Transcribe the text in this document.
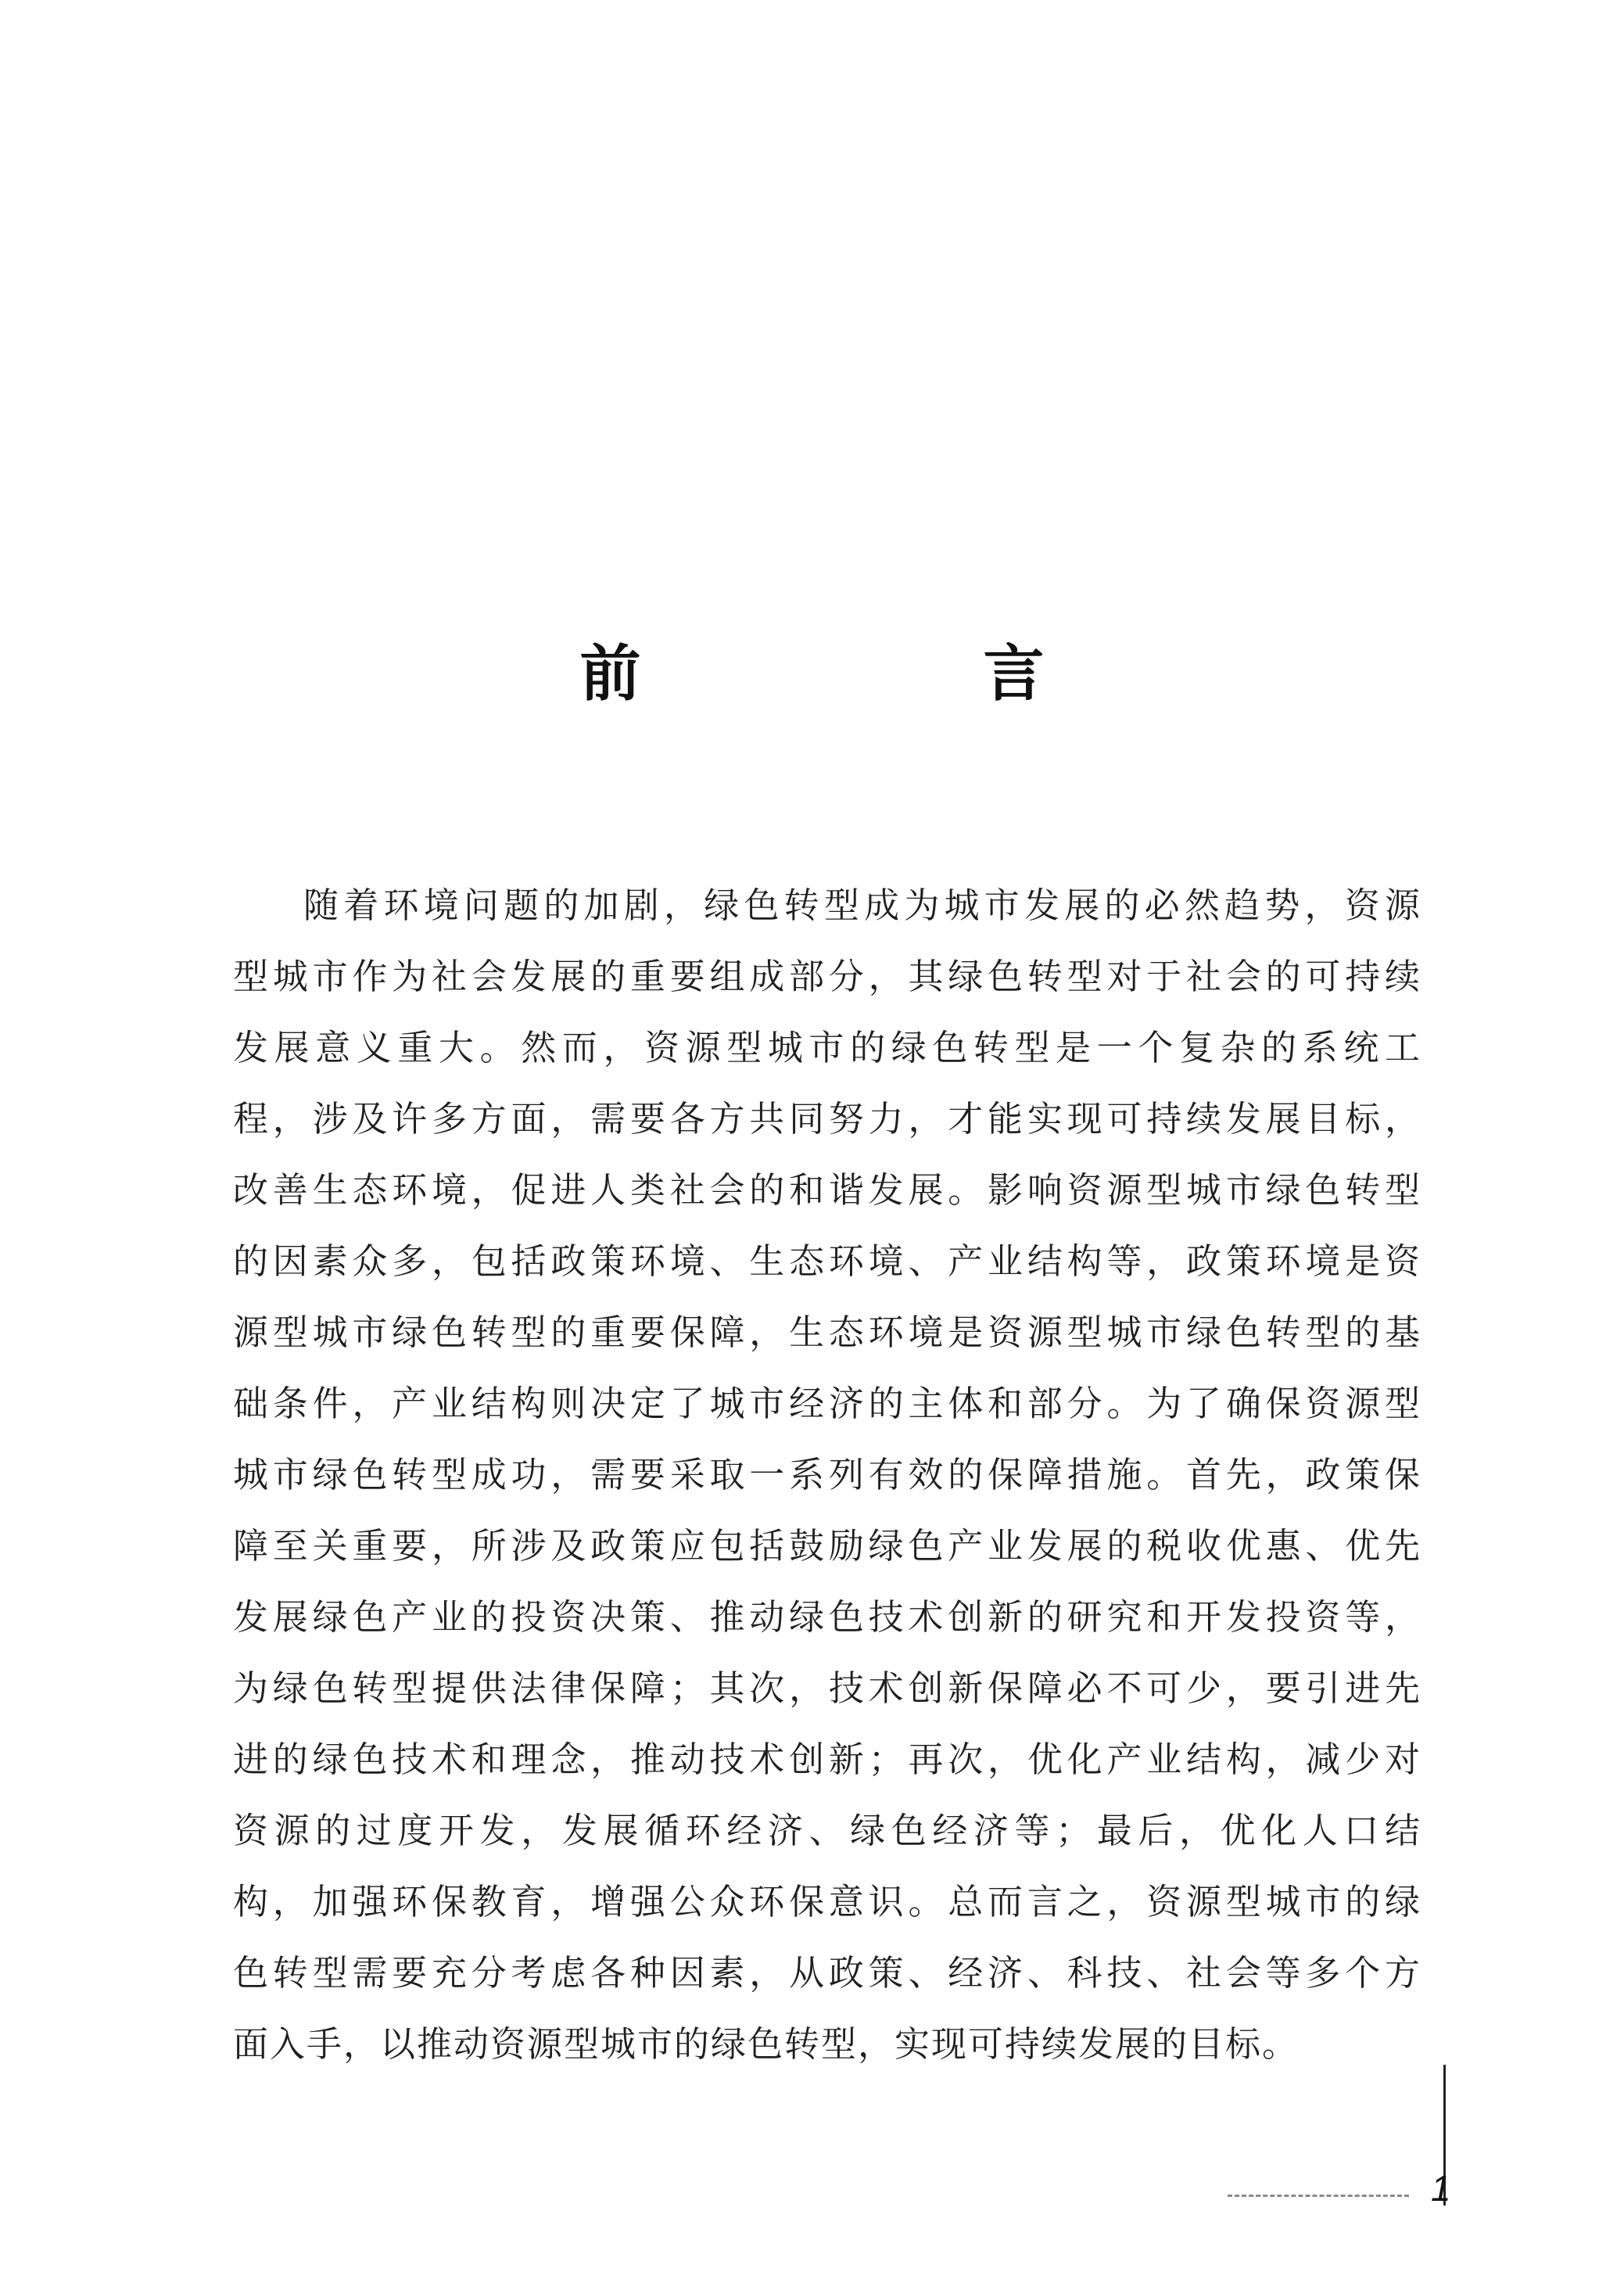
前　言
随着环境问题的加剧，绿色转型成为城市发展的必然趋势，资源
型城市作为社会发展的重要组成部分，其绿色转型对于社会的可持续
发展意义重大。然而，资源型城市的绿色转型是一个复杂的系统工
程，涉及许多方面，需要各方共同努力，才能实现可持续发展目标，
改善生态环境，促进人类社会的和谐发展。影响资源型城市绿色转型
的因素众多，包括政策环境、生态环境、产业结构等，政策环境是资
源型城市绿色转型的重要保障，生态环境是资源型城市绿色转型的基
础条件，产业结构则决定了城市经济的主体和部分。为了确保资源型
城市绿色转型成功，需要采取一系列有效的保障措施。首先，政策保
障至关重要，所涉及政策应包括鼓励绿色产业发展的税收优惠、优先
发展绿色产业的投资决策、推动绿色技术创新的研究和开发投资等，
为绿色转型提供法律保障；其次，技术创新保障必不可少，要引进先
进的绿色技术和理念，推动技术创新；再次，优化产业结构，减少对
资源的过度开发，发展循环经济、绿色经济等；最后，优化人口结
构，加强环保教育，增强公众环保意识。总而言之，资源型城市的绿
色转型需要充分考虑各种因素，从政策、经济、科技、社会等多个方
面入手，以推动资源型城市的绿色转型，实现可持续发展的目标。
1
